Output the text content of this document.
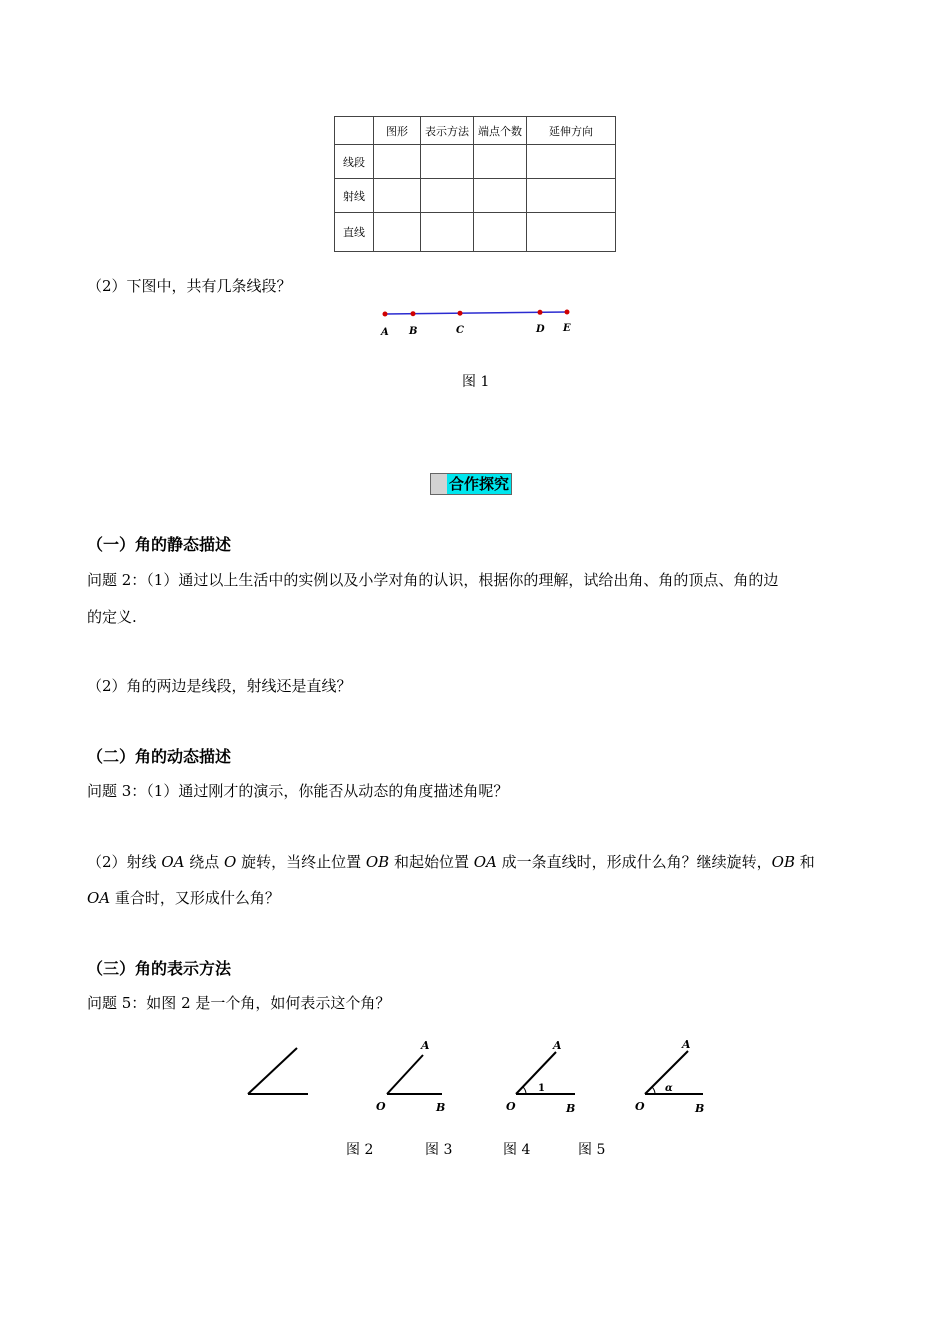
	图形	表示方法	端点个数	延伸方向
线段				
射线				
直线				
（2）下图中，共有几条线段？
A B	C	D E
图 1
合作探究
（一）角的静态描述
问题 2：（1）通过以上生活中的实例以及小学对角的认识，根据你的理解，试给出角、角的顶点、角的边
的定义.
（2）角的两边是线段，射线还是直线？
（二）角的动态描述
问题 3：（1）通过刚才的演示，你能否从动态的角度描述角呢？
（2）射线 OA 绕点 O 旋转，当终止位置 OB 和起始位置 OA 成一条直线时，形成什么角？继续旋转，OB 和
OA 重合时，又形成什么角？
（三）角的表示方法
问题 5：如图 2 是一个角，如何表示这个角？
A
O	B
1
A
O	B
α
A
O	B
图 2	图 3	图 4	图 5
